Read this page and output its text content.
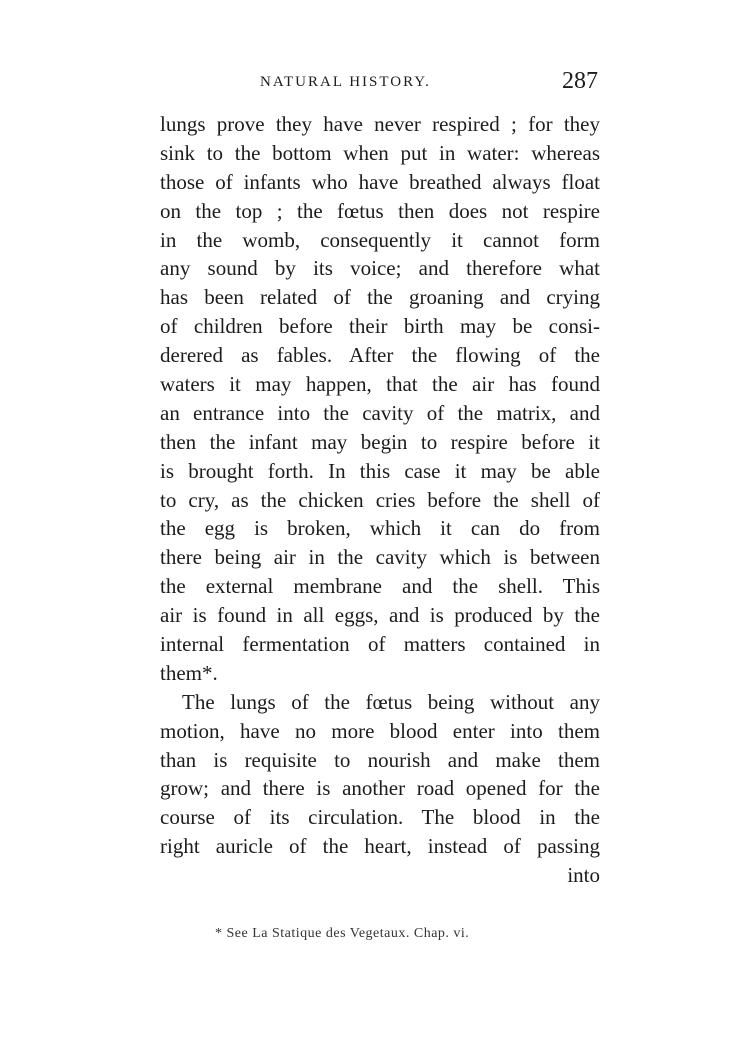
NATURAL HISTORY.	287
lungs prove they have never respired ; for they
sink to the bottom when put in water: whereas
those of infants who have breathed always float
on the top ; the fœtus then does not respire
in the womb, consequently it cannot form
any sound by its voice; and therefore what
has been related of the groaning and crying
of children before their birth may be consi-
derered as fables. After the flowing of the
waters it may happen, that the air has found
an entrance into the cavity of the matrix, and
then the infant may begin to respire before it
is brought forth. In this case it may be able
to cry, as the chicken cries before the shell of
the egg is broken, which it can do from
there being air in the cavity which is between
the external membrane and the shell. This
air is found in all eggs, and is produced by the
internal fermentation of matters contained in
them*.
The lungs of the fœtus being without any
motion, have no more blood enter into them
than is requisite to nourish and make them
grow; and there is another road opened for the
course of its circulation. The blood in the
right auricle of the heart, instead of passing
into
* See La Statique des Vegetaux. Chap. vi.
